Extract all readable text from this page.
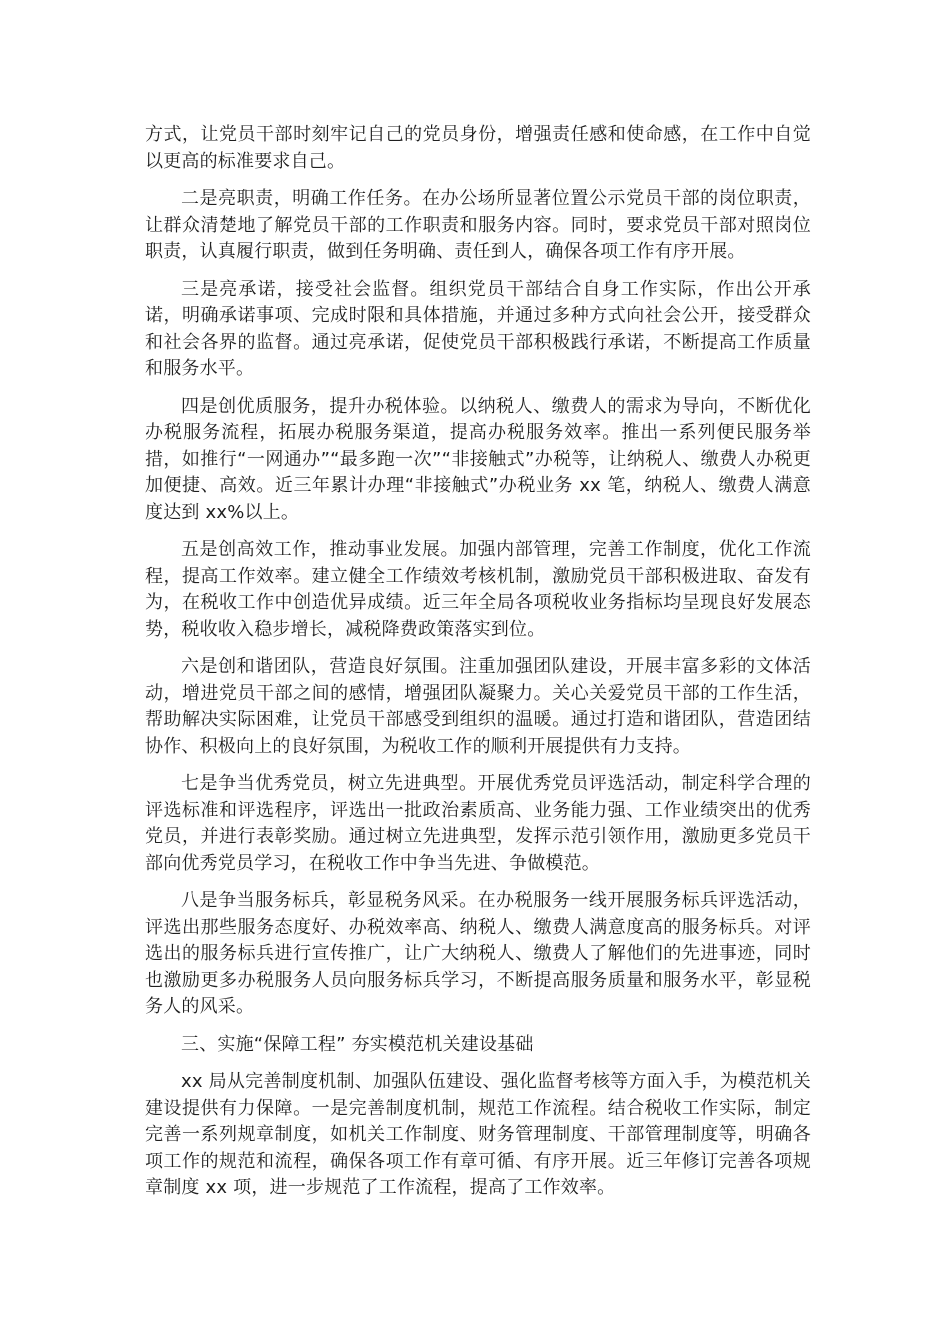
方式，让党员干部时刻牢记自己的党员身份，增强责任感和使命感，在工作中自觉以更高的标准要求自己。

二是亮职责，明确工作任务。在办公场所显著位置公示党员干部的岗位职责，让群众清楚地了解党员干部的工作职责和服务内容。同时，要求党员干部对照岗位职责，认真履行职责，做到任务明确、责任到人，确保各项工作有序开展。

三是亮承诺，接受社会监督。组织党员干部结合自身工作实际，作出公开承诺，明确承诺事项、完成时限和具体措施，并通过多种方式向社会公开，接受群众和社会各界的监督。通过亮承诺，促使党员干部积极践行承诺，不断提高工作质量和服务水平。

四是创优质服务，提升办税体验。以纳税人、缴费人的需求为导向，不断优化办税服务流程，拓展办税服务渠道，提高办税服务效率。推出一系列便民服务举措，如推行“一网通办”“最多跑一次”“非接触式”办税等，让纳税人、缴费人办税更加便捷、高效。近三年累计办理“非接触式”办税业务 xx 笔，纳税人、缴费人满意度达到 xx%以上。

五是创高效工作，推动事业发展。加强内部管理，完善工作制度，优化工作流程，提高工作效率。建立健全工作绩效考核机制，激励党员干部积极进取、奋发有为，在税收工作中创造优异成绩。近三年全局各项税收业务指标均呈现良好发展态势，税收收入稳步增长，减税降费政策落实到位。

六是创和谐团队，营造良好氛围。注重加强团队建设，开展丰富多彩的文体活动，增进党员干部之间的感情，增强团队凝聚力。关心关爱党员干部的工作生活，帮助解决实际困难，让党员干部感受到组织的温暖。通过打造和谐团队，营造团结协作、积极向上的良好氛围，为税收工作的顺利开展提供有力支持。

七是争当优秀党员，树立先进典型。开展优秀党员评选活动，制定科学合理的评选标准和评选程序，评选出一批政治素质高、业务能力强、工作业绩突出的优秀党员，并进行表彰奖励。通过树立先进典型，发挥示范引领作用，激励更多党员干部向优秀党员学习，在税收工作中争当先进、争做模范。

八是争当服务标兵，彰显税务风采。在办税服务一线开展服务标兵评选活动，评选出那些服务态度好、办税效率高、纳税人、缴费人满意度高的服务标兵。对评选出的服务标兵进行宣传推广，让广大纳税人、缴费人了解他们的先进事迹，同时也激励更多办税服务人员向服务标兵学习，不断提高服务质量和服务水平，彰显税务人的风采。

三、实施“保障工程” 夯实模范机关建设基础

xx 局从完善制度机制、加强队伍建设、强化监督考核等方面入手，为模范机关建设提供有力保障。一是完善制度机制，规范工作流程。结合税收工作实际，制定完善一系列规章制度，如机关工作制度、财务管理制度、干部管理制度等，明确各项工作的规范和流程，确保各项工作有章可循、有序开展。近三年修订完善各项规章制度 xx 项，进一步规范了工作流程，提高了工作效率。
